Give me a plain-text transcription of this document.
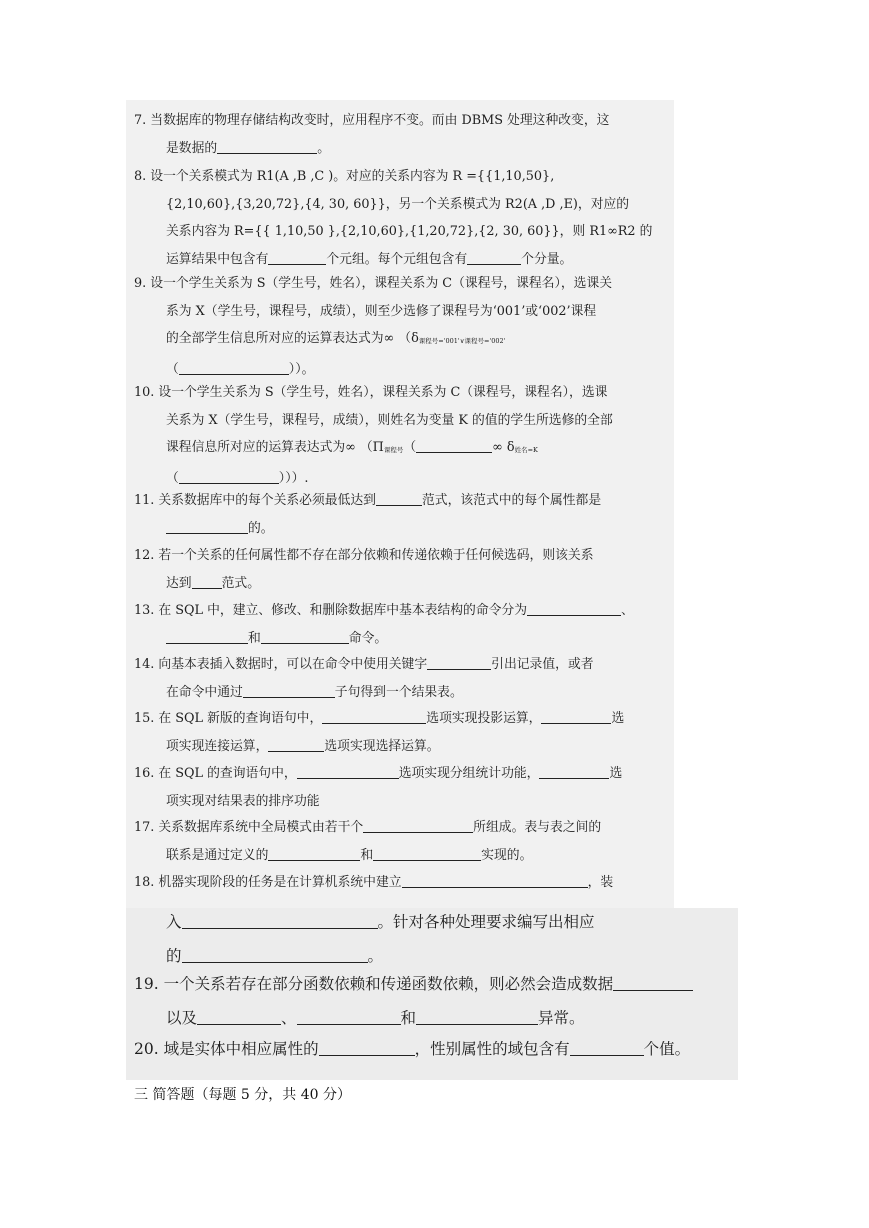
7. 当数据库的物理存储结构改变时，应用程序不变。而由 DBMS 处理这种改变，这
是数据的	。
8. 设一个关系模式为 R1(A ,B ,C )。对应的关系内容为 R ={{1,10,50},
{2,10,60},{3,20,72},{4, 30, 60}}，另一个关系模式为 R2(A ,D ,E)，对应的
关系内容为 R={{ 1,10,50 },{2,10,60},{1,20,72},{2, 30, 60}}，则 R1∞R2 的
运算结果中包含有	个元组。每个元组包含有	个分量。
9. 设一个学生关系为 S（学生号，姓名），课程关系为 C（课程号，课程名），选课关
系为 X（学生号，课程号，成绩），则至少选修了课程号为‘001’或‘002’课程
的全部学生信息所对应的运算表达式为∞ （δ课程号='001'∨课程号='002'
（	））。
10. 设一个学生关系为 S（学生号，姓名），课程关系为 C（课程号，课程名），选课
关系为 X（学生号，课程号，成绩），则姓名为变量 K 的值的学生所选修的全部
课程信息所对应的运算表达式为∞ （Π课程号（	∞ δ姓名=K
（	）））.
11. 关系数据库中的每个关系必须最低达到	范式，该范式中的每个属性都是
的。
12. 若一个关系的任何属性都不存在部分依赖和传递依赖于任何候选码，则该关系
达到 范式。
13. 在 SQL 中，建立、修改、和删除数据库中基本表结构的命令分为	、
和	命令。
14. 向基本表插入数据时，可以在命令中使用关键字	引出记录值，或者
在命令中通过	子句得到一个结果表。
15. 在 SQL 新版的查询语句中，	选项实现投影运算，	选
项实现连接运算，	选项实现选择运算。
16. 在 SQL 的查询语句中，	选项实现分组统计功能，	选
项实现对结果表的排序功能
17. 关系数据库系统中全局模式由若干个	所组成。表与表之间的
联系是通过定义的	和	实现的。
18. 机器实现阶段的任务是在计算机系统中建立	，装
入	。针对各种处理要求编写出相应
的	。
19. 一个关系若存在部分函数依赖和传递函数依赖，则必然会造成数据
以及	、	和	异常。
20. 域是实体中相应属性的	，性别属性的域包含有	个值。
三 简答题（每题 5 分，共 40 分）
